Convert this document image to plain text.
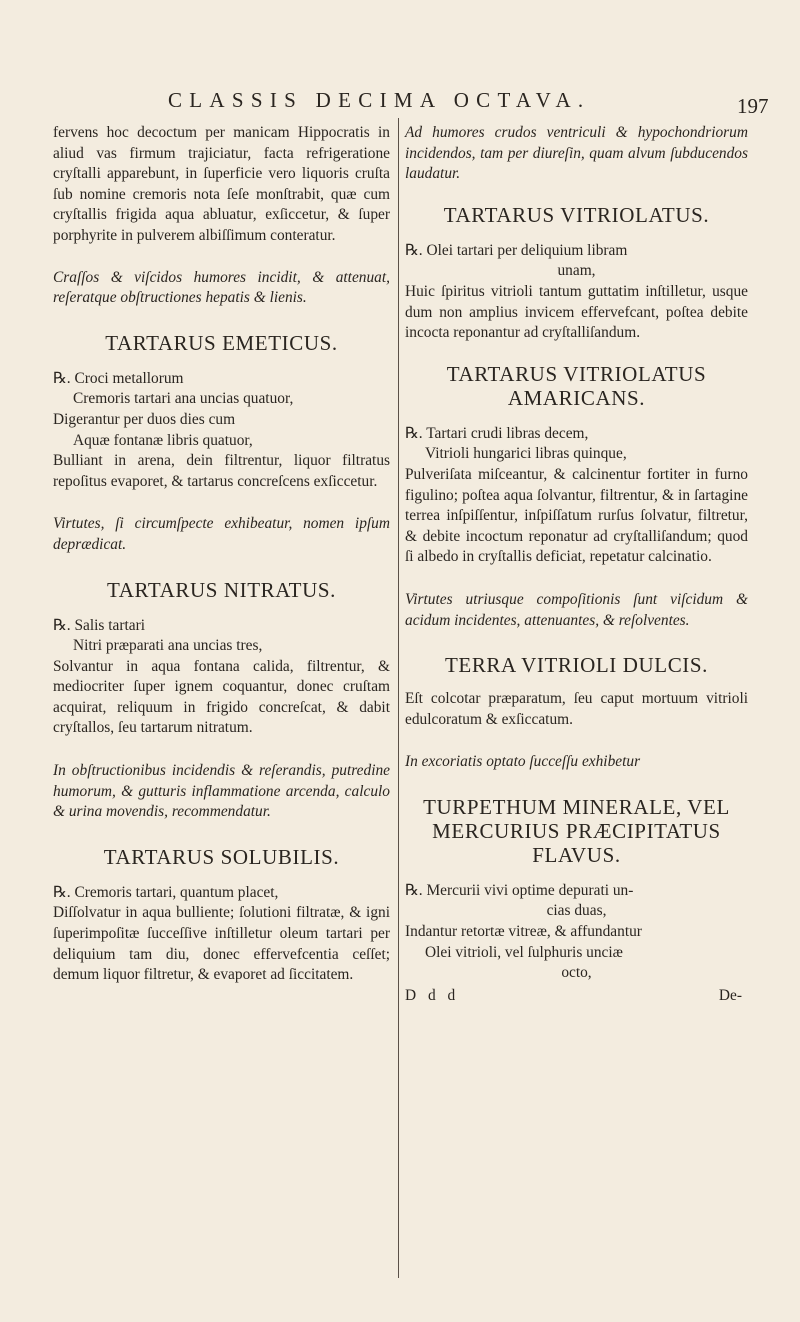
CLASSIS DECIMA OCTAVA.	197

fervens hoc decoctum per manicam Hippocratis in aliud vas firmum trajiciatur, facta refrigeratione cryſtalli apparebunt, in ſuperficie vero liquoris cruſta ſub nomine cremoris nota ſeſe monſtrabit, quæ cum cryſtallis frigida aqua abluatur, exſiccetur, & ſuper porphyrite in pulverem albiſſimum conteratur.

Craſſos & viſcidos humores incidit, & attenuat, reſeratque obſtructiones hepatis & lienis.

TARTARUS EMETICUS.

℞. Croci metallorum

Cremoris tartari ana uncias quatuor,

Digerantur per duos dies cum

Aquæ fontanæ libris quatuor,

Bulliant in arena, dein filtrentur, liquor filtratus repoſitus evaporet, & tartarus concreſcens exſiccetur.

Virtutes, ſi circumſpecte exhibeatur, nomen ipſum deprædicat.

TARTARUS NITRATUS.

℞. Salis tartari

Nitri præparati ana uncias tres,

Solvantur in aqua fontana calida, filtrentur, & mediocriter ſuper ignem coquantur, donec cruſtam acquirat, reliquum in frigido concreſcat, & dabit cryſtallos, ſeu tartarum nitratum.

In obſtructionibus incidendis & reſerandis, putredine humorum, & gutturis inflammatione arcenda, calculo & urina movendis, recommendatur.

TARTARUS SOLUBILIS.

℞. Cremoris tartari, quantum placet,

Diſſolvatur in aqua bulliente; ſolutioni filtratæ, & igni ſuperimpoſitæ ſucceſſive inſtilletur oleum tartari per deliquium tam diu, donec effervefcentia ceſſet; demum liquor filtretur, & evaporet ad ſiccitatem.

Ad humores crudos ventriculi & hypochondriorum incidendos, tam per diureſin, quam alvum ſubducendos laudatur.

TARTARUS VITRIOLATUS.

℞. Olei tartari per deliquium libram

unam,

Huic ſpiritus vitrioli tantum guttatim inſtilletur, usque dum non amplius invicem effervefcant, poſtea debite incocta reponantur ad cryſtalliſandum.

TARTARUS VITRIOLATUS AMARICANS.

℞. Tartari crudi libras decem,

Vitrioli hungarici libras quinque,

Pulveriſata miſceantur, & calcinentur fortiter in furno figulino; poſtea aqua ſolvantur, filtrentur, & in ſartagine terrea inſpiſſentur, inſpiſſatum rurſus ſolvatur, filtretur, & debite incoctum reponatur ad cryſtalliſandum; quod ſi albedo in cryſtallis deficiat, repetatur calcinatio.

Virtutes utriusque compoſitionis ſunt viſcidum & acidum incidentes, attenuantes, & reſolventes.

TERRA VITRIOLI DULCIS.

Eſt colcotar præparatum, ſeu caput mortuum vitrioli edulcoratum & exſiccatum.

In excoriatis optato ſucceſſu exhibetur

TURPETHUM MINERALE, VEL MERCURIUS PRÆCIPITATUS FLAVUS.

℞. Mercurii vivi optime depurati un-

cias duas,

Indantur retortæ vitreæ, & affundantur

Olei vitrioli, vel ſulphuris unciæ

octo,

D d d	De-
